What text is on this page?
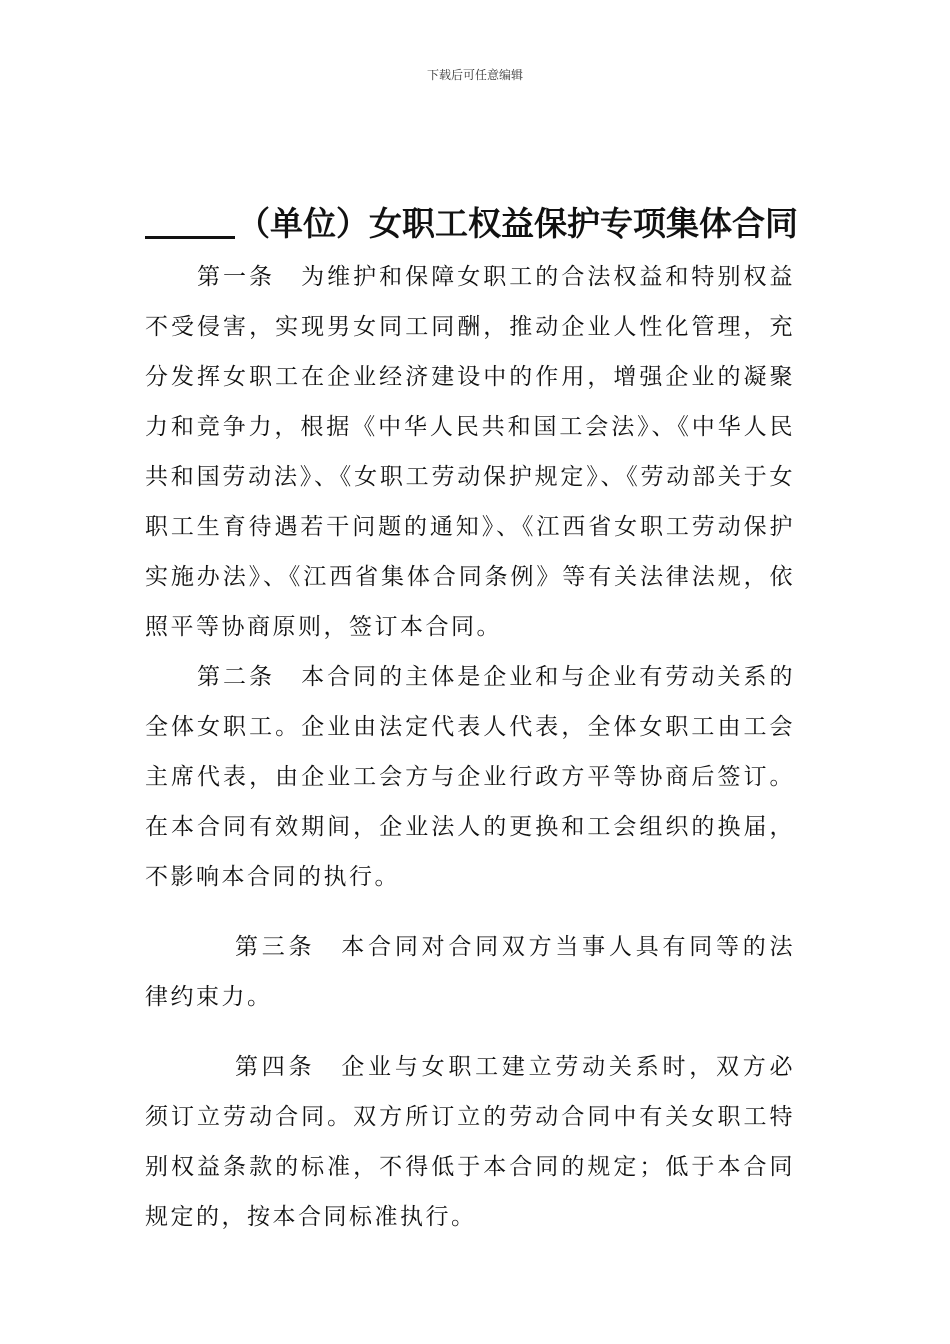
下载后可任意编辑
（单位）女职工权益保护专项集体合同

第一条 为维护和保障女职工的合法权益和特别权益不受侵害，实现男女同工同酬，推动企业人性化管理，充分发挥女职工在企业经济建设中的作用，增强企业的凝聚力和竞争力，根据《中华人民共和国工会法》、《中华人民共和国劳动法》、《女职工劳动保护规定》、《劳动部关于女职工生育待遇若干问题的通知》、《江西省女职工劳动保护实施办法》、《江西省集体合同条例》等有关法律法规，依照平等协商原则，签订本合同。

第二条 本合同的主体是企业和与企业有劳动关系的全体女职工。企业由法定代表人代表，全体女职工由工会主席代表，由企业工会方与企业行政方平等协商后签订。在本合同有效期间，企业法人的更换和工会组织的换届，不影响本合同的执行。

第三条 本合同对合同双方当事人具有同等的法律约束力。

第四条 企业与女职工建立劳动关系时，双方必须订立劳动合同。双方所订立的劳动合同中有关女职工特别权益条款的标准，不得低于本合同的规定；低于本合同规定的，按本合同标准执行。
